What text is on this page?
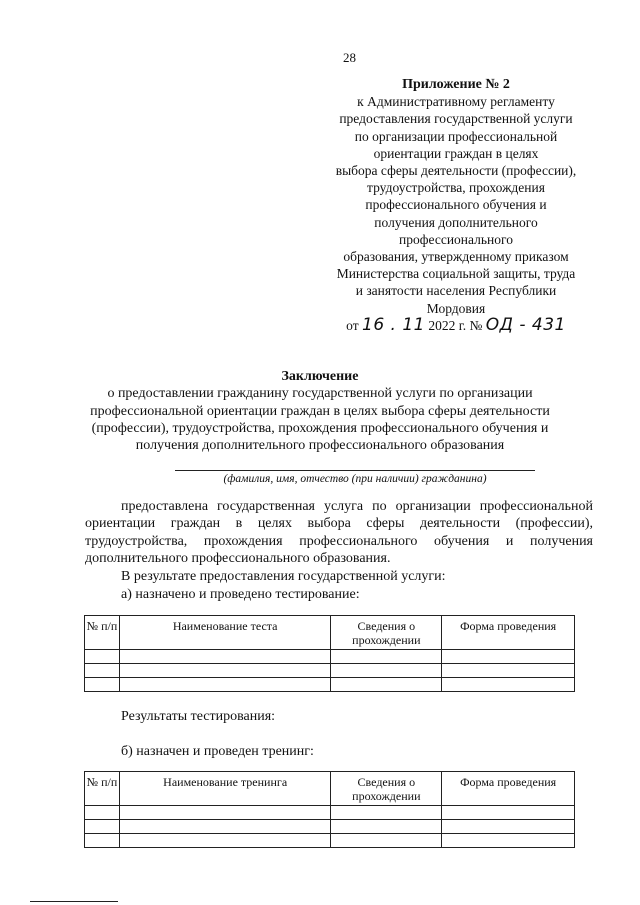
28
Приложение № 2
к Административному регламенту
предоставления государственной услуги
по организации профессиональной
ориентации граждан в целях
выбора сферы деятельности (профессии),
трудоустройства, прохождения
профессионального обучения и
получения дополнительного
профессионального
образования, утвержденному приказом
Министерства социальной защиты, труда
и занятости населения Республики
Мордовия
от 16 . 11 2022 г. № ОД - 431
Заключение
о предоставлении гражданину государственной услуги по организации
профессиональной ориентации граждан в целях выбора сферы деятельности
(профессии), трудоустройства, прохождения профессионального обучения и
получения дополнительного профессионального образования
(фамилия, имя, отчество (при наличии) гражданина)
предоставлена государственная услуга по организации профессиональной ориентации граждан в целях выбора сферы деятельности (профессии), трудоустройства, прохождения профессионального обучения и получения дополнительного профессионального образования.
В результате предоставления государственной услуги:
а) назначено и проведено тестирование:
№ п/п	Наименование теста	Сведения о прохождении	Форма проведения

Результаты тестирования:
б) назначен и проведен тренинг:
№ п/п	Наименование тренинга	Сведения о прохождении	Форма проведения
